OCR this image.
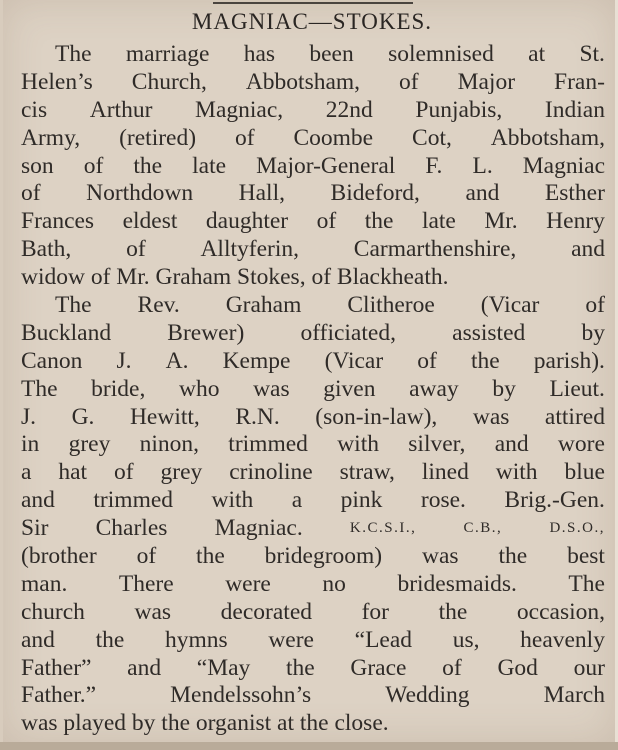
MAGNIAC—STOKES.
The marriage has been solemnised at St.
Helen’s Church, Abbotsham, of Major Fran-
cis Arthur Magniac, 22nd Punjabis, Indian
Army, (retired) of Coombe Cot, Abbotsham,
son of the late Major-General F. L. Magniac
of Northdown Hall, Bideford, and Esther
Frances eldest daughter of the late Mr. Henry
Bath, of Alltyferin, Carmarthenshire, and
widow of Mr. Graham Stokes, of Blackheath.
The Rev. Graham Clitheroe (Vicar of
Buckland Brewer) officiated, assisted by
Canon J. A. Kempe (Vicar of the parish).
The bride, who was given away by Lieut.
J. G. Hewitt, R.N. (son-in-law), was attired
in grey ninon, trimmed with silver, and wore
a hat of grey crinoline straw, lined with blue
and trimmed with a pink rose. Brig.-Gen.
Sir Charles Magniac.	K.C.S.I.,	C.B.,	D.S.O.,
(brother of the bridegroom) was the best
man. There were no bridesmaids. The
church was decorated for the occasion,
and the hymns were “Lead us, heavenly
Father” and “May the Grace of God our
Father.”	Mendelssohn’s	Wedding	March
was played by the organist at the close.
